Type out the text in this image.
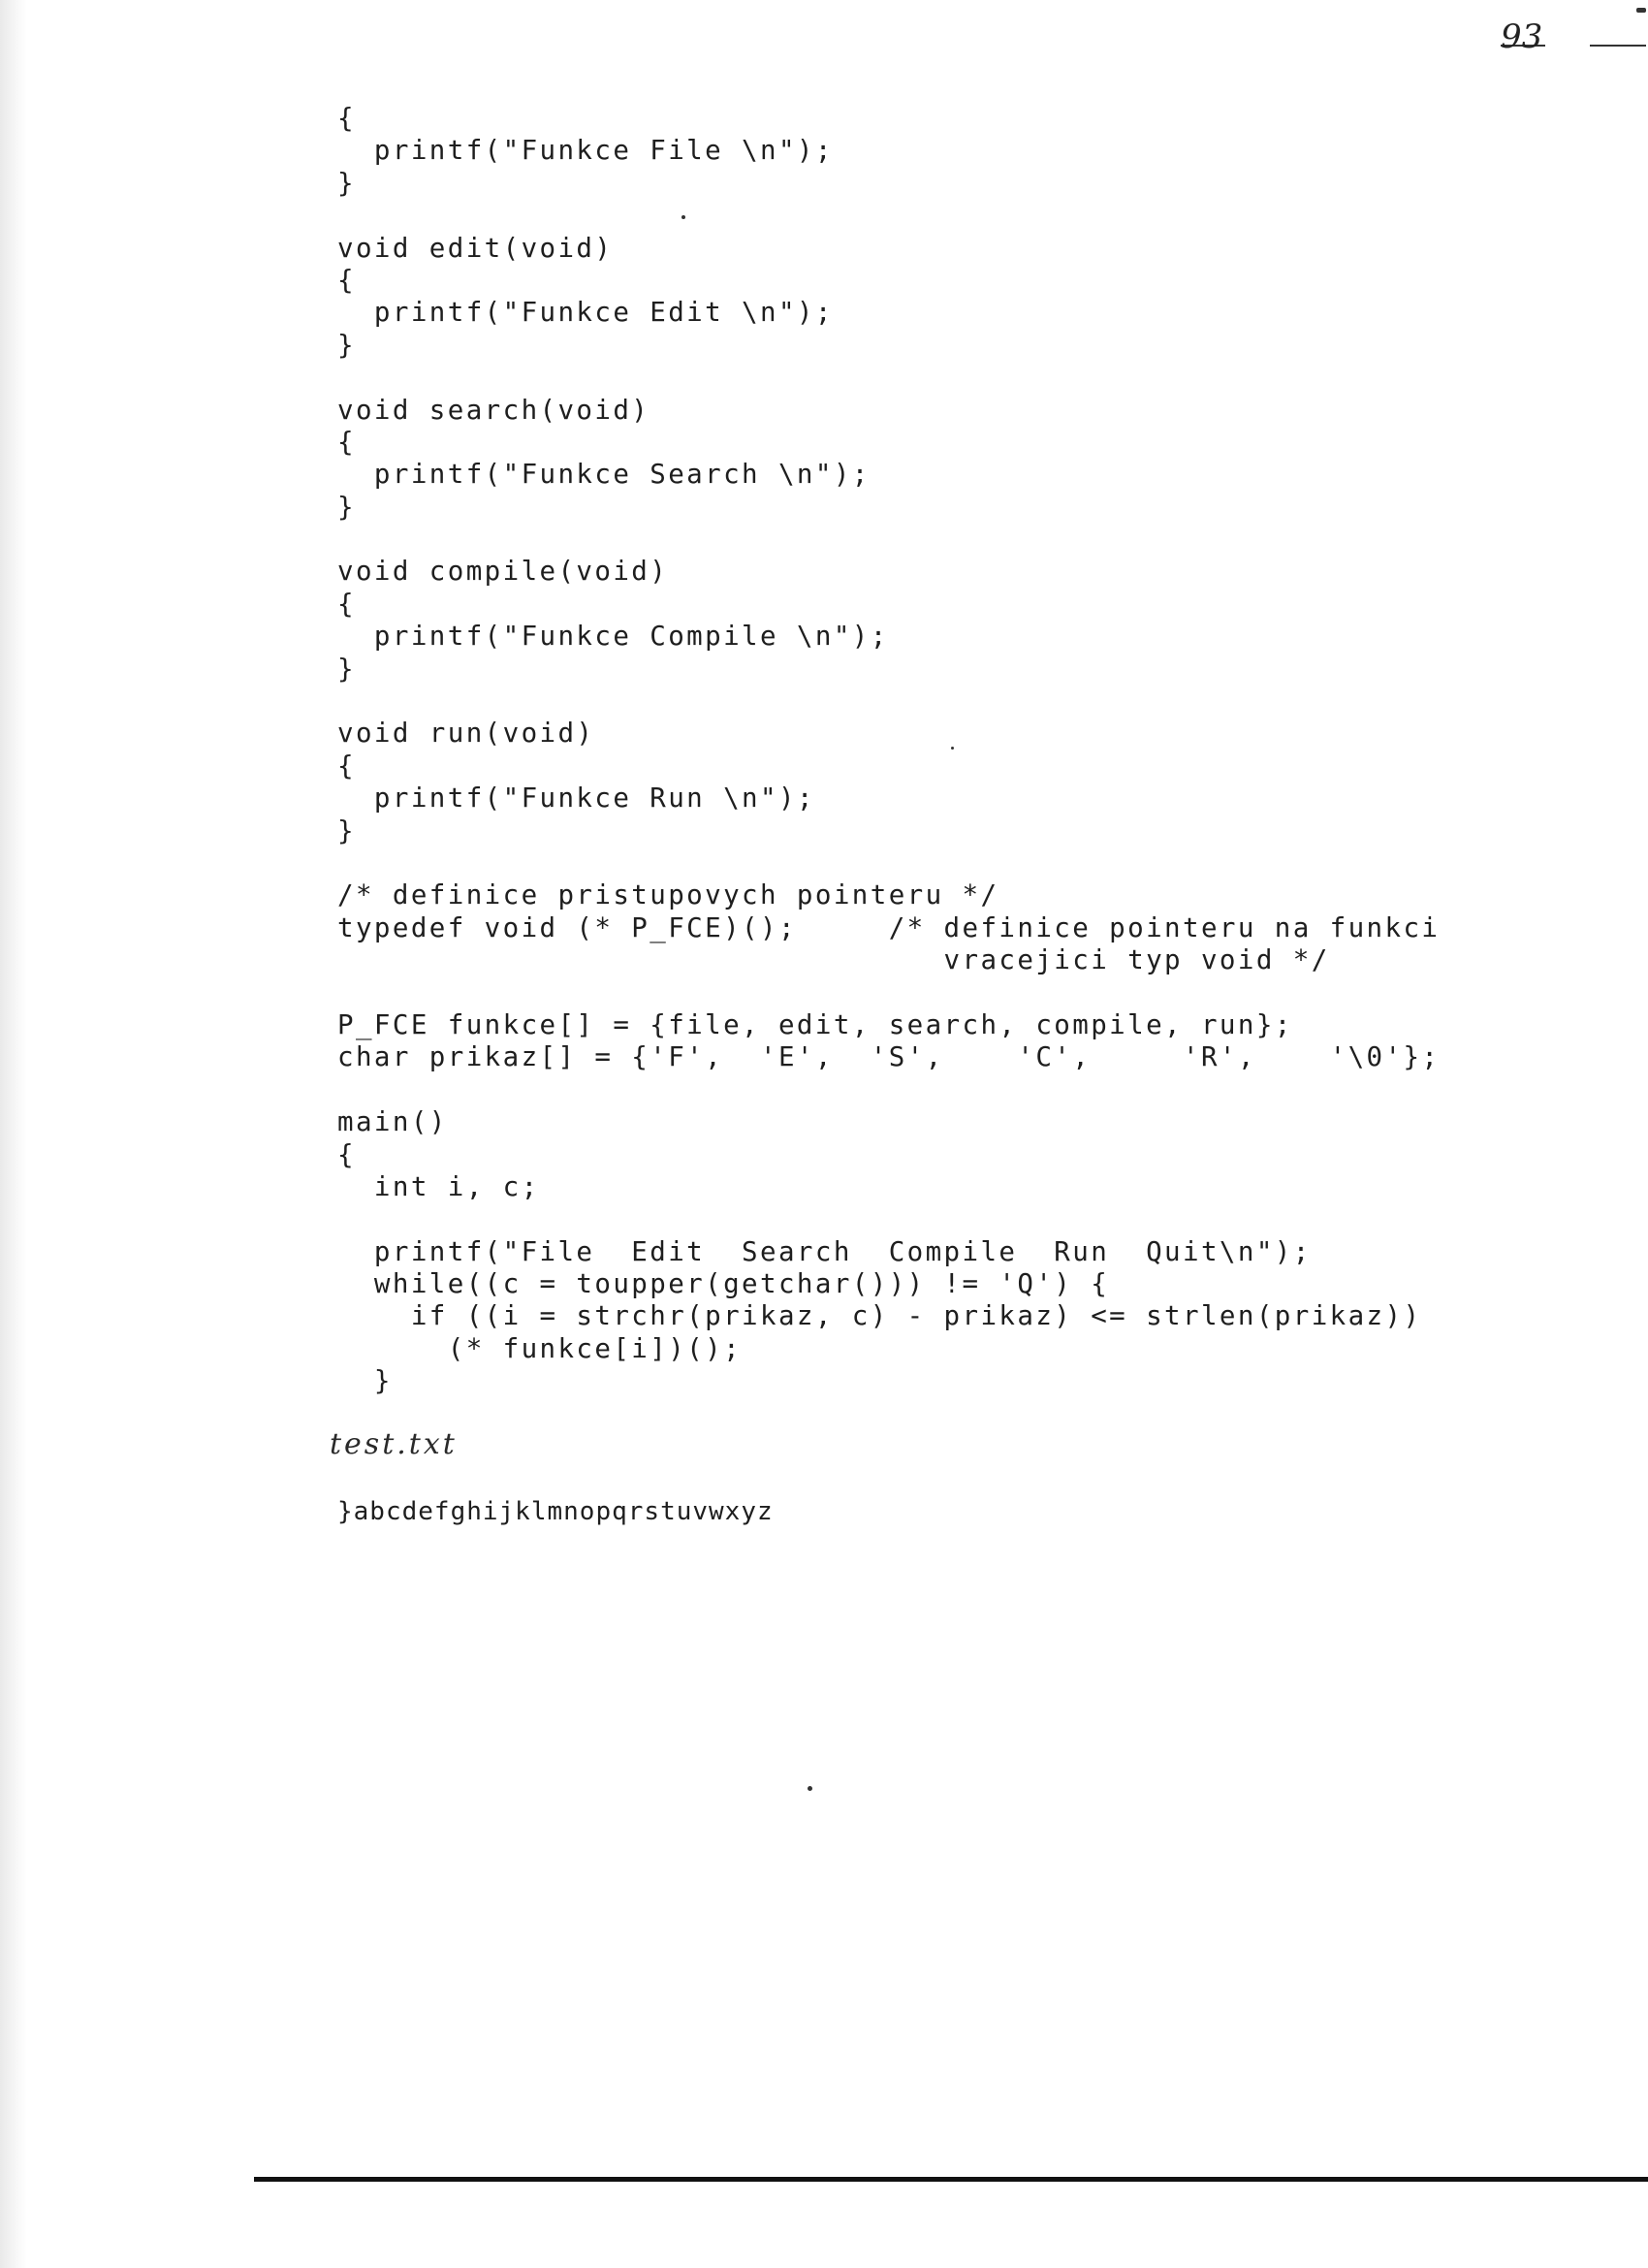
93
{
printf("Funkce File \n");
}
void edit(void)
{
printf("Funkce Edit \n");
}
void search(void)
{
printf("Funkce Search \n");
}
void compile(void)
{
printf("Funkce Compile \n");
}
void run(void)
{
printf("Funkce Run \n");
}
/* definice pristupovych pointeru */
typedef void (* P_FCE)();     /* definice pointeru na funkci
vracejici typ void */
P_FCE funkce[] = {file, edit, search, compile, run};
char prikaz[] = {'F',  'E',  'S',    'C',     'R',    '\0'};
main()
{
int i, c;
printf("File  Edit  Search  Compile  Run  Quit\n");
while((c = toupper(getchar())) != 'Q') {
if ((i = strchr(prikaz, c) - prikaz) <= strlen(prikaz))
(* funkce[i])();
}
test.txt
}abcdefghijklmnopqrstuvwxyz
